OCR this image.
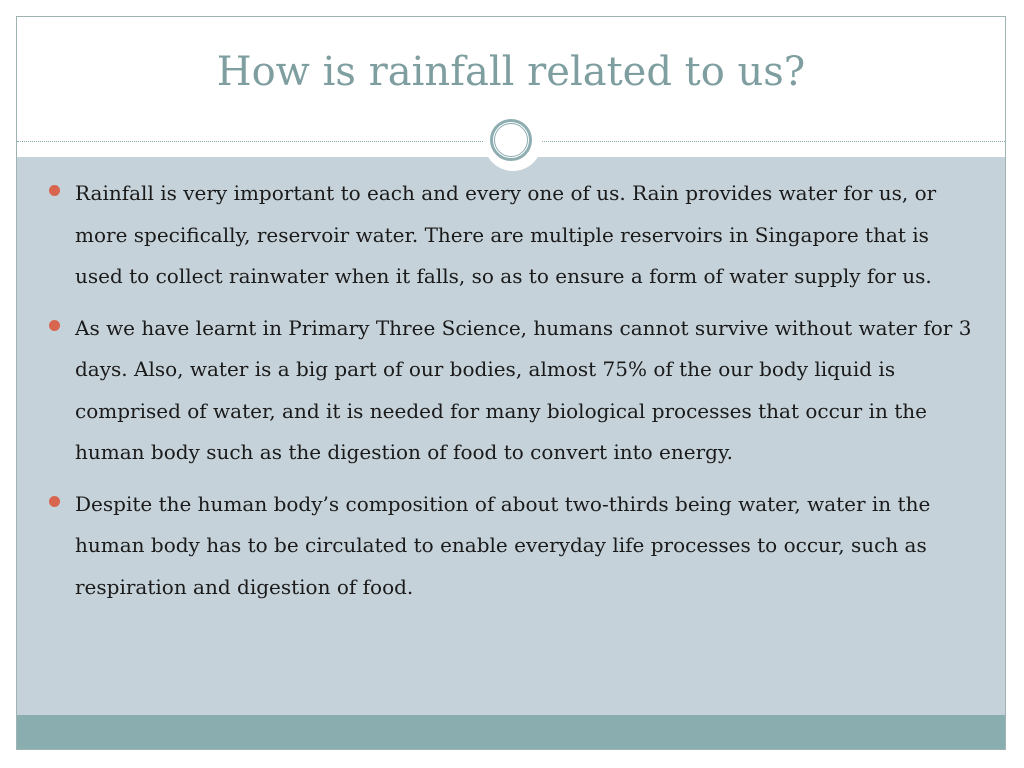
How is rainfall related to us?
Rainfall is very important to each and every one of us. Rain provides water for us, or more specifically, reservoir water. There are multiple reservoirs in Singapore that is used to collect rainwater when it falls, so as to ensure a form of water supply for us.
As we have learnt in Primary Three Science, humans cannot survive without water for 3 days. Also, water is a big part of our bodies, almost 75% of the our body liquid is comprised of water, and it is needed for many biological processes that occur in the human body such as the digestion of food to convert into energy.
Despite the human body’s composition of about two-thirds being water, water in the human body has to be circulated to enable everyday life processes to occur, such as respiration and digestion of food.
